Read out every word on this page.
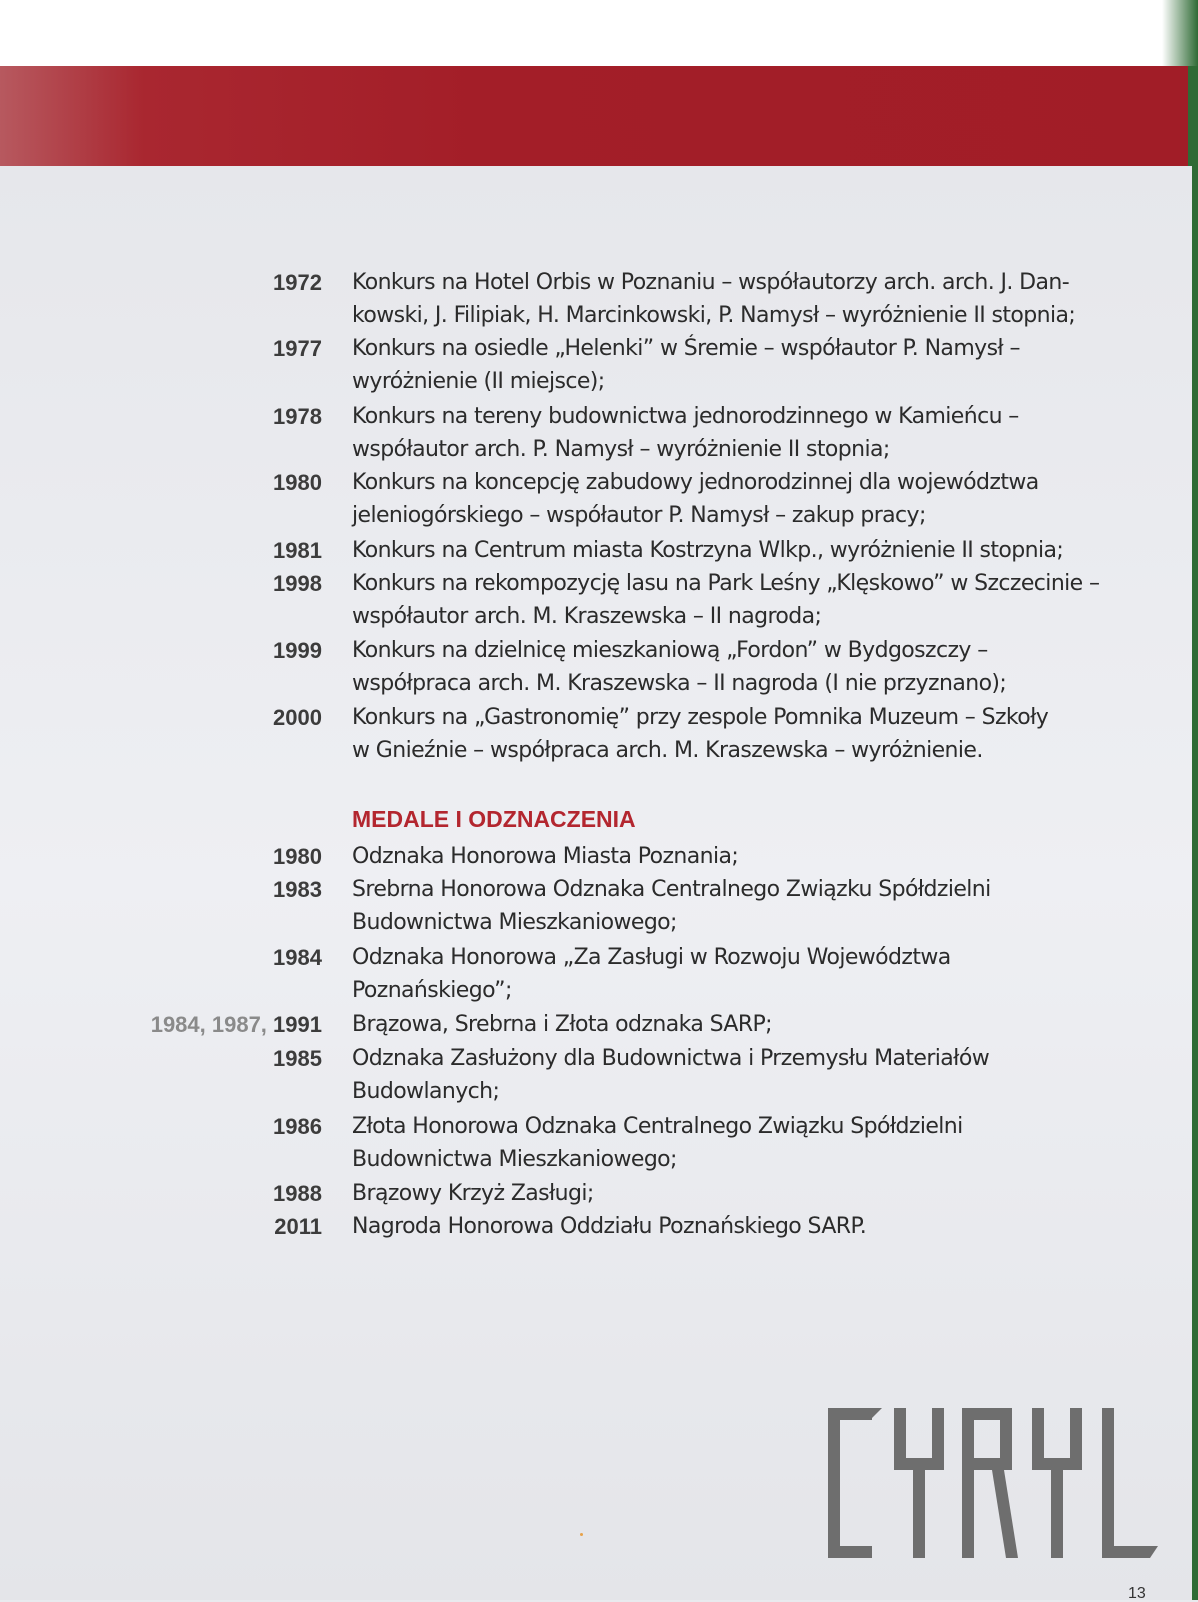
1972 Konkurs na Hotel Orbis w Poznaniu – współautorzy arch. arch. J. Dan-
kowski, J. Filipiak, H. Marcinkowski, P. Namysł – wyróżnienie II stopnia;
1977 Konkurs na osiedle „Helenki” w Śremie – współautor P. Namysł –
wyróżnienie (II miejsce);
1978 Konkurs na tereny budownictwa jednorodzinnego w Kamieńcu –
współautor arch. P. Namysł – wyróżnienie II stopnia;
1980 Konkurs na koncepcję zabudowy jednorodzinnej dla województwa
jeleniogórskiego – współautor P. Namysł – zakup pracy;
1981 Konkurs na Centrum miasta Kostrzyna Wlkp., wyróżnienie II stopnia;
1998 Konkurs na rekompozycję lasu na Park Leśny „Klęskowo” w Szczecinie –
współautor arch. M. Kraszewska – II nagroda;
1999 Konkurs na dzielnicę mieszkaniową „Fordon” w Bydgoszczy –
współpraca arch. M. Kraszewska – II nagroda (I nie przyznano);
2000 Konkurs na „Gastronomię” przy zespole Pomnika Muzeum – Szkoły
w Gnieźnie – współpraca arch. M. Kraszewska – wyróżnienie.
MEDALE I ODZNACZENIA
1980 Odznaka Honorowa Miasta Poznania;
1983 Srebrna Honorowa Odznaka Centralnego Związku Spółdzielni
Budownictwa Mieszkaniowego;
1984 Odznaka Honorowa „Za Zasługi w Rozwoju Województwa
Poznańskiego”;
1984, 1987, 1991 Brązowa, Srebrna i Złota odznaka SARP;
1985 Odznaka Zasłużony dla Budownictwa i Przemysłu Materiałów
Budowlanych;
1986 Złota Honorowa Odznaka Centralnego Związku Spółdzielni
Budownictwa Mieszkaniowego;
1988 Brązowy Krzyż Zasługi;
2011 Nagroda Honorowa Oddziału Poznańskiego SARP.
13
